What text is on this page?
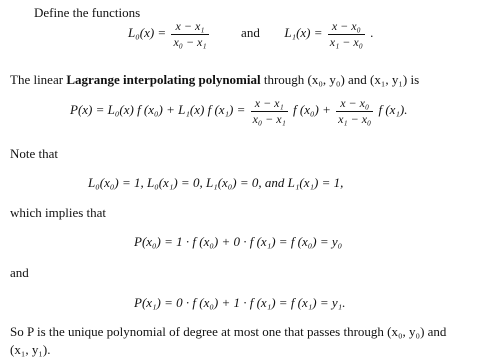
Define the functions
$L_0(x) = \frac{\text{x − x₁}}{\text{x₀ − x₁}}$	and $L_1(x) = \frac{\text{x − x₀}}{\text{x₁ − x₀}}$ .
The linear Lagrange interpolating polynomial through (x₀, y₀) and (x₁, y₁) is
P(x) = L₀(x) f (x₀) + L₁(x) f $(x_1) = \frac{\text{x − x₁}}{\text{x₀ − x₁}}$ f $(x_0) + \frac{\text{x − x₀}}{\text{x₁ − x₀}}$ f (x₁).
Note that
L₀(x₀) = 1, L₀(x₁) = 0, L₁(x₀) = 0, and L₁(x₁) = 1,
which implies that
P(x₀) = 1 · f (x₀) + 0 · f (x₁) = f (x₀) = y₀
and
P(x₁) = 0 · f (x₀) + 1 · f (x₁) = f (x₁) = y₁.
So P is the unique polynomial of degree at most one that passes through (x₀, y₀) and
(x₁, y₁).
